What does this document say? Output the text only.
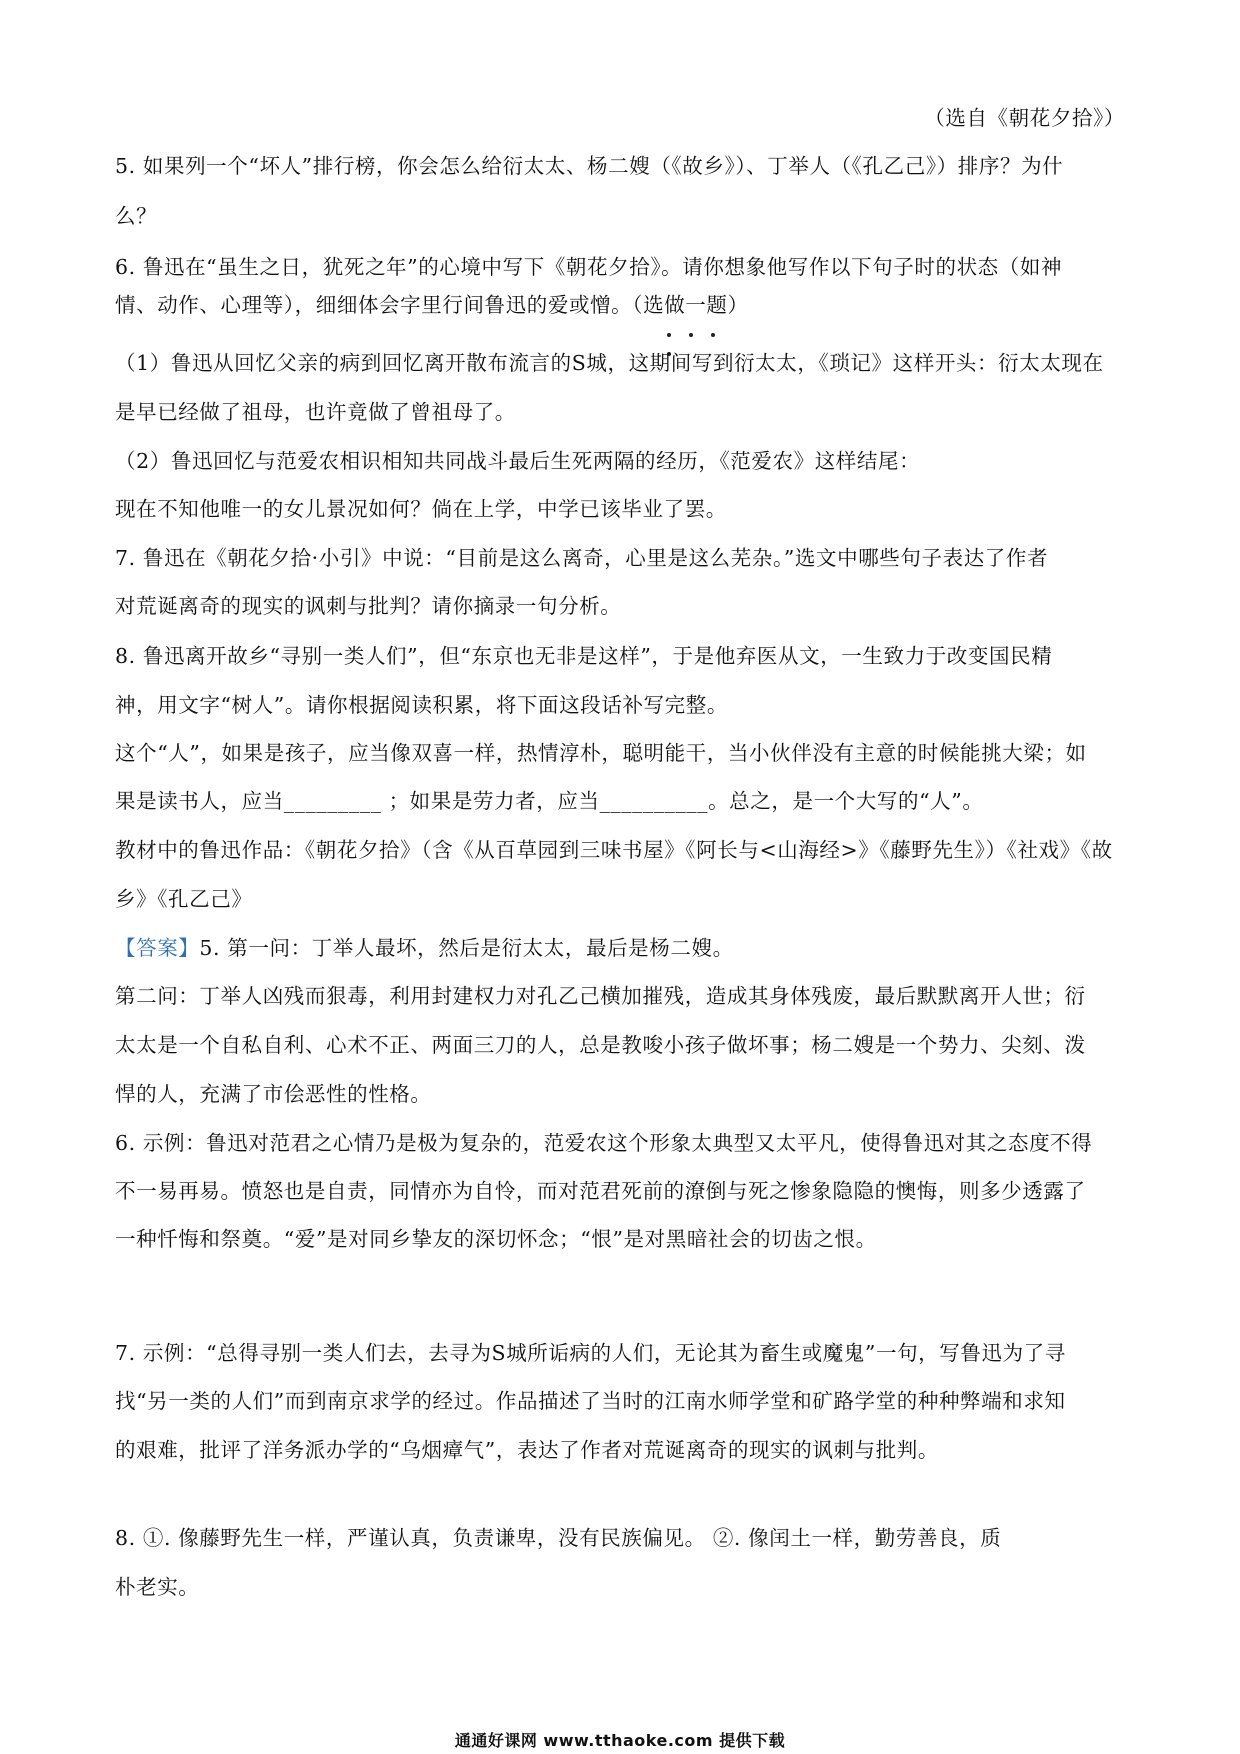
（选自《朝花夕拾》）
5. 如果列一个“坏人”排行榜，你会怎么给衍太太、杨二嫂（《故乡》）、丁举人（《孔乙己》）排序？为什
么？
6. 鲁迅在“虽生之日，犹死之年”的心境中写下《朝花夕拾》。请你想象他写作以下句子时的状态（如神
情、动作、心理等），细细体会字里行间鲁迅的爱或憎。（选做一题）
（1）鲁迅从回忆父亲的病到回忆离开散布流言的S城，这期间写到衍太太，《琐记》这样开头：衍太太现在
是早已经做了祖母，也许竟做了曾祖母了。
（2）鲁迅回忆与范爱农相识相知共同战斗最后生死两隔的经历，《范爱农》这样结尾：
现在不知他唯一的女儿景况如何？倘在上学，中学已该毕业了罢。
7. 鲁迅在《朝花夕拾·小引》中说：“目前是这么离奇，心里是这么芜杂。”选文中哪些句子表达了作者
对荒诞离奇的现实的讽刺与批判？请你摘录一句分析。
8. 鲁迅离开故乡“寻别一类人们”，但“东京也无非是这样”，于是他弃医从文，一生致力于改变国民精
神，用文字“树人”。请你根据阅读积累，将下面这段话补写完整。
这个“人”，如果是孩子，应当像双喜一样，热情淳朴，聪明能干，当小伙伴没有主意的时候能挑大梁；如
果是读书人，应当_________ ；如果是劳力者，应当__________。总之，是一个大写的“人”。
教材中的鲁迅作品：《朝花夕拾》（含《从百草园到三味书屋》《阿长与<山海经>》《藤野先生》）《社戏》《故
乡》《孔乙己》
【答案】5. 第一问：丁举人最坏，然后是衍太太，最后是杨二嫂。
第二问：丁举人凶残而狠毒，利用封建权力对孔乙己横加摧残，造成其身体残废，最后默默离开人世；衍
太太是一个自私自利、心术不正、两面三刀的人，总是教唆小孩子做坏事；杨二嫂是一个势力、尖刻、泼
悍的人，充满了市侩恶性的性格。
6. 示例：鲁迅对范君之心情乃是极为复杂的，范爱农这个形象太典型又太平凡，使得鲁迅对其之态度不得
不一易再易。愤怒也是自责，同情亦为自怜，而对范君死前的潦倒与死之惨象隐隐的懊悔，则多少透露了
一种忏悔和祭奠。“爱”是对同乡挚友的深切怀念；“恨”是对黑暗社会的切齿之恨。
7. 示例：“总得寻别一类人们去，去寻为S城所诟病的人们，无论其为畜生或魔鬼”一句，写鲁迅为了寻
找“另一类的人们”而到南京求学的经过。作品描述了当时的江南水师学堂和矿路学堂的种种弊端和求知
的艰难，批评了洋务派办学的“乌烟瘴气”，表达了作者对荒诞离奇的现实的讽刺与批判。
8. ①. 像藤野先生一样，严谨认真，负责谦卑，没有民族偏见。 ②. 像闰土一样，勤劳善良，质
朴老实。
通通好课网 www.tthaoke.com 提供下载
